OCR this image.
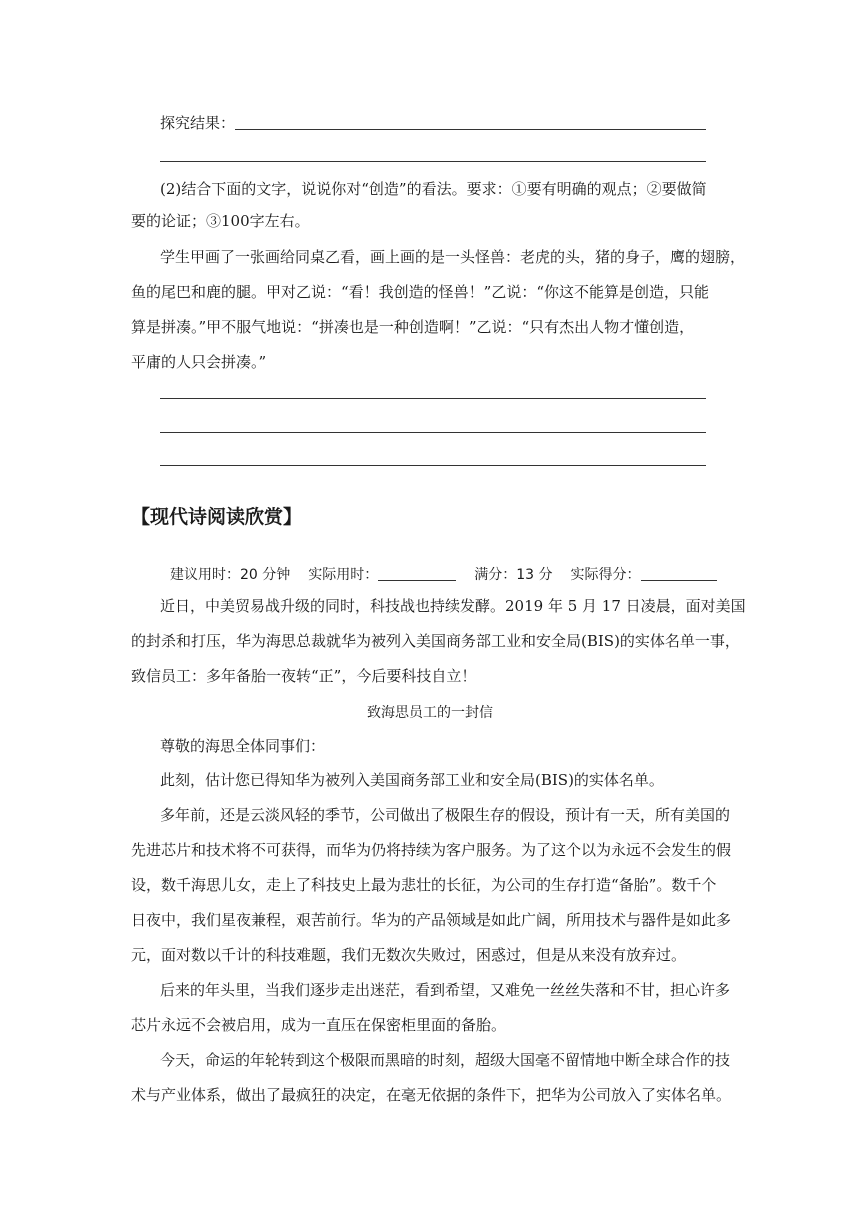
探究结果：
(2)结合下面的文字，说说你对“创造”的看法。要求：①要有明确的观点；②要做简
要的论证；③100字左右。
学生甲画了一张画给同桌乙看，画上画的是一头怪兽：老虎的头，猪的身子，鹰的翅膀，
鱼的尾巴和鹿的腿。甲对乙说：“看！我创造的怪兽！”乙说：“你这不能算是创造，只能
算是拼凑。”甲不服气地说：“拼凑也是一种创造啊！”乙说：“只有杰出人物才懂创造，
平庸的人只会拼凑。”
【现代诗阅读欣赏】
建议用时：20 分钟 实际用时：	满分：13 分 实际得分：
近日，中美贸易战升级的同时，科技战也持续发酵。2019 年 5 月 17 日凌晨，面对美国
的封杀和打压，华为海思总裁就华为被列入美国商务部工业和安全局(BIS)的实体名单一事，
致信员工：多年备胎一夜转“正”，今后要科技自立！
致海思员工的一封信
尊敬的海思全体同事们：
此刻，估计您已得知华为被列入美国商务部工业和安全局(BIS)的实体名单。
多年前，还是云淡风轻的季节，公司做出了极限生存的假设，预计有一天，所有美国的
先进芯片和技术将不可获得，而华为仍将持续为客户服务。为了这个以为永远不会发生的假
设，数千海思儿女，走上了科技史上最为悲壮的长征，为公司的生存打造“备胎”。数千个
日夜中，我们星夜兼程，艰苦前行。华为的产品领域是如此广阔，所用技术与器件是如此多
元，面对数以千计的科技难题，我们无数次失败过，困惑过，但是从来没有放弃过。
后来的年头里，当我们逐步走出迷茫，看到希望，又难免一丝丝失落和不甘，担心许多
芯片永远不会被启用，成为一直压在保密柜里面的备胎。
今天，命运的年轮转到这个极限而黑暗的时刻，超级大国毫不留情地中断全球合作的技
术与产业体系，做出了最疯狂的决定，在毫无依据的条件下，把华为公司放入了实体名单。
